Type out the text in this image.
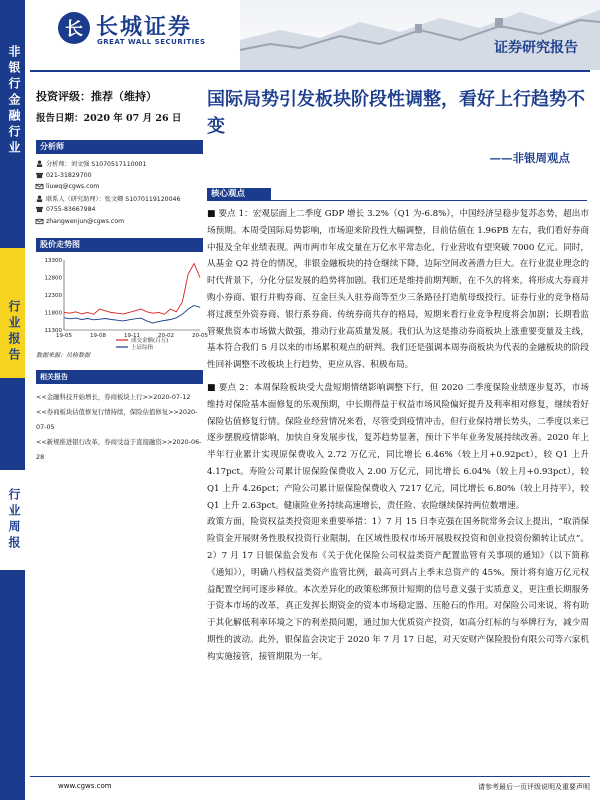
长 长城证券
GREAT WALL SECURITIES	证券研究报告
非银行金融行业
行业报告
行业周报
投资评级：推荐（维持）
报告日期：2020 年 07 月 26 日
国际局势引发板块阶段性调整，看好上行趋势不变
——非银周观点
分析师
分析师：刘文强 S1070517110001
021-31829700
liuwq@cgws.com
联系人（研究助理）：张文卿 S1070119120046
0755-83667984
zhangwenjun@cgws.com
股价走势图
11300
11800
12300
12800
13300
19-05	19-08	19-11	20-02	20-05
成交金额(百万)
上证综指
数据来源：贝格数据
相关报告
<<金融科技开始增长，券商板块上行>>2020-07-12
<<券商板块估值修复行情持续，保险估值修复>>2020-07-05
<<新规推进银行改革，券商受益于直接融资>>2020-06-28
核心观点

■ 要点 1：宏观层面上二季度 GDP 增长 3.2%（Q1 为-6.8%），中国经济呈稳步复苏态势，超出市场预期。本周受国际局势影响，市场迎来阶段性大幅调整，目前估值在 1.96PB 左右，我们看好券商中报及全年业绩表现。两市两市年成交量在万亿水平常态化，行业营收有望突破 7000 亿元。同时，从基金 Q2 持仓的情况，非银金融板块的持仓继续下降，边际空间改善潜力巨大。在行业混业理念的时代背景下，分化分层发展的趋势将加剧。我们还是维持前期判断，在不久的将来，将形成大券商并购小券商、银行并购券商、互金巨头入驻券商等至少三条路径打造航母级投行。证券行业的竞争格局将过渡至外资券商、银行系券商、传统券商共存的格局，短期来看行业竞争程度将会加剧；长期看监管聚焦资本市场做大做强，推动行业高质量发展。我们认为这是推动券商板块上涨重要变量及主线，基本符合我们 5 月以来的市场累积观点的研判。我们还是强调本周券商板块为代表的金融板块的阶段性回补调整不改板块上行趋势，更应从容、积极布局。

■ 要点 2：本周保险板块受大盘短期情绪影响调整下行，但 2020 二季度保险业绩逐步复苏，市场维持对保险基本面修复的乐观预期，中长期得益于权益市场风险偏好提升及利率相对修复，继续看好保险估值修复行情。保险业经营情况来看，尽管受到疫情冲击，但行业保持增长势头，二季度以来已逐步摆脱疫情影响，加快自身发展步伐，复苏趋势显著，预计下半年业务发展持续改善。2020 年上半年行业累计实现原保费收入 2.72 万亿元，同比增长 6.46%（较上月+0.92pct），较 Q1 上升 4.17pct。寿险公司累计原保险保费收入 2.00 万亿元，同比增长 6.04%（较上月+0.93pct），较 Q1 上升 4.26pct；产险公司累计原保险保费收入 7217 亿元，同比增长 6.80%（较上月持平），较 Q1 上升 2.63pct。健康险业务持续高速增长，责任险、农险继续保持两位数增速。

政策方面，险资权益类投资迎来重要举措：1）7 月 15 日李克强在国务院常务会议上提出，“取消保险资金开展财务性股权投资行业限制，在区域性股权市场开展股权投资和创业投资份额转让试点”。2）7 月 17 日银保监会发布《关于优化保险公司权益类资产配置监管有关事项的通知》（以下简称《通知》），明确八档权益类资产监管比例，最高可到占上季末总资产的 45%。预计将有逾万亿元权益配置空间可逐步释放。本次差异化的政策松绑预计短期的信号意义强于实质意义，更注重长期服务于资本市场的改革，真正发挥长期资金的资本市场稳定器、压舱石的作用。对保险公司来说，将有助于其化解低利率环境之下的利差损问题，通过加大优质资产投资，如高分红标的与举牌行为，减少周期性的波动。此外，银保监会决定于 2020 年 7 月 17 日起，对天安财产保险股份有限公司等六家机构实施接管，接管期限为一年。

www.cgws.com	请参考最后一页评级说明及重要声明
